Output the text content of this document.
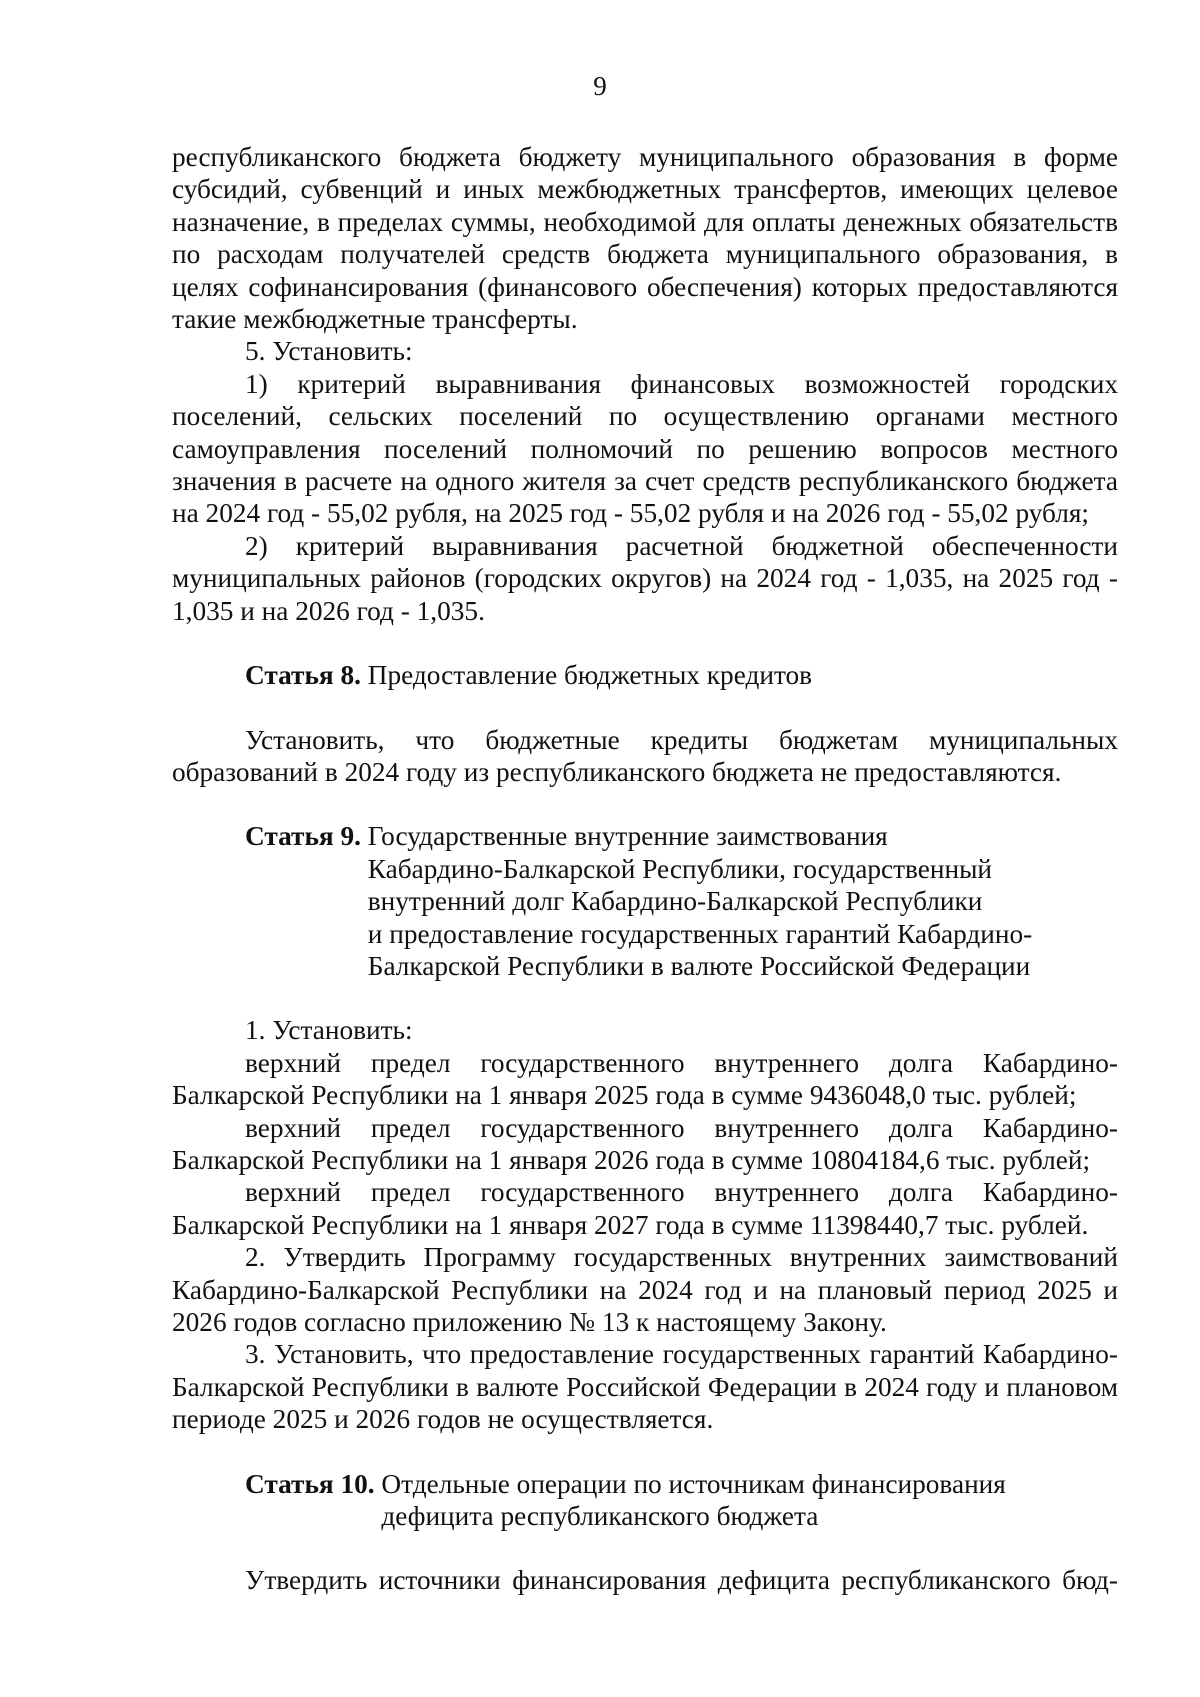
9

республиканского бюджета бюджету муниципального образования в форме субсидий, субвенций и иных межбюджетных трансфертов, имеющих целевое назначение, в пределах суммы, необходимой для оплаты денежных обязательств по расходам получателей средств бюджета муниципального образования, в целях софинансирования (финансового обеспечения) которых предоставляются такие межбюджетные трансферты.

5. Установить:

1) критерий выравнивания финансовых возможностей городских поселений, сельских поселений по осуществлению органами местного самоуправления поселений полномочий по решению вопросов местного значения в расчете на одного жителя за счет средств республиканского бюджета на 2024 год - 55,02 рубля, на 2025 год - 55,02 рубля и на 2026 год - 55,02 рубля;

2) критерий выравнивания расчетной бюджетной обеспеченности муниципальных районов (городских округов) на 2024 год - 1,035, на 2025 год - 1,035 и на 2026 год - 1,035.

Статья 8.
Предоставление бюджетных кредитов

Установить, что бюджетные кредиты бюджетам муниципальных образований в 2024 году из республиканского бюджета не предоставляются.

Статья 9.
Государственные внутренние заимствования
Кабардино-Балкарской Республики, государственный
внутренний долг Кабардино-Балкарской Республики
и предоставление государственных гарантий Кабардино-
Балкарской Республики в валюте Российской Федерации

1. Установить:

верхний предел государственного внутреннего долга Кабардино-Балкарской Республики на 1 января 2025 года в сумме 9436048,0 тыс. рублей;

верхний предел государственного внутреннего долга Кабардино-Балкарской Республики на 1 января 2026 года в сумме 10804184,6 тыс. рублей;

верхний предел государственного внутреннего долга Кабардино-Балкарской Республики на 1 января 2027 года в сумме 11398440,7 тыс. рублей.

2. Утвердить Программу государственных внутренних заимствований Кабардино-Балкарской Республики на 2024 год и на плановый период 2025 и 2026 годов согласно приложению № 13 к настоящему Закону.

3. Установить, что предоставление государственных гарантий Кабардино-Балкарской Республики в валюте Российской Федерации в 2024 году и плановом периоде 2025 и 2026 годов не осуществляется.

Статья 10.
Отдельные операции по источникам финансирования
дефицита республиканского бюджета

Утвердить источники финансирования дефицита республиканского бюд-
